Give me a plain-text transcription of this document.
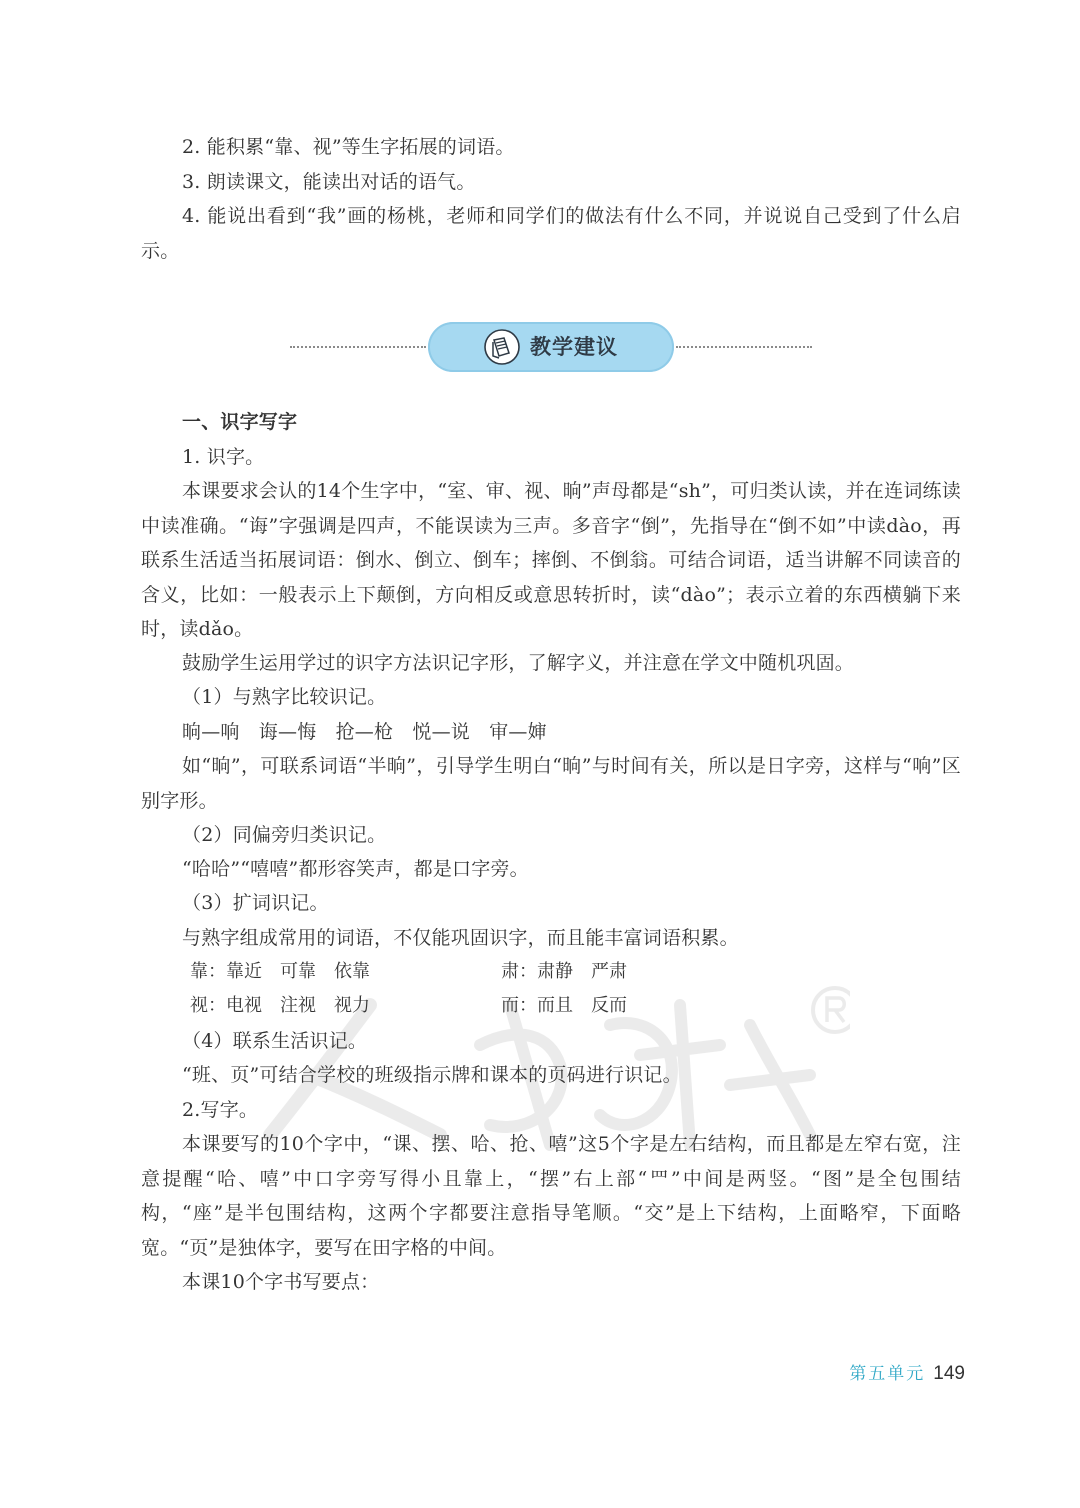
2. 能积累“靠、视”等生字拓展的词语。

3. 朗读课文，能读出对话的语气。

4. 能说出看到“我”画的杨桃，老师和同学们的做法有什么不同，并说说自己受到了什么启示。

教学建议

一、识字写字

1. 识字。

本课要求会认的14个生字中，“室、审、视、晌”声母都是“sh”，可归类认读，并在连词练读中读准确。“诲”字强调是四声，不能误读为三声。多音字“倒”，先指导在“倒不如”中读dào，再联系生活适当拓展词语：倒水、倒立、倒车；摔倒、不倒翁。可结合词语，适当讲解不同读音的含义，比如：一般表示上下颠倒，方向相反或意思转折时，读“dào”；表示立着的东西横躺下来时，读dǎo。

鼓励学生运用学过的识字方法识记字形，了解字义，并注意在学文中随机巩固。

（1）与熟字比较识记。

晌—响　诲—悔　抢—枪　悦—说　审—婶

如“晌”，可联系词语“半晌”，引导学生明白“晌”与时间有关，所以是日字旁，这样与“响”区别字形。

（2）同偏旁归类识记。

“哈哈”“嘻嘻”都形容笑声，都是口字旁。

（3）扩词识记。

与熟字组成常用的词语，不仅能巩固识字，而且能丰富词语积累。

靠：靠近　可靠　依靠	肃：肃静　严肃
视：电视　注视　视力	而：而且　反而

（4）联系生活识记。

“班、页”可结合学校的班级指示牌和课本的页码进行识记。

2.写字。

本课要写的10个字中，“课、摆、哈、抢、嘻”这5个字是左右结构，而且都是左窄右宽，注意提醒“哈、嘻”中口字旁写得小且靠上，“摆”右上部“罒”中间是两竖。“图”是全包围结构，“座”是半包围结构，这两个字都要注意指导笔顺。“交”是上下结构，上面略窄，下面略宽。“页”是独体字，要写在田字格的中间。

本课10个字书写要点：

第五单元 149
